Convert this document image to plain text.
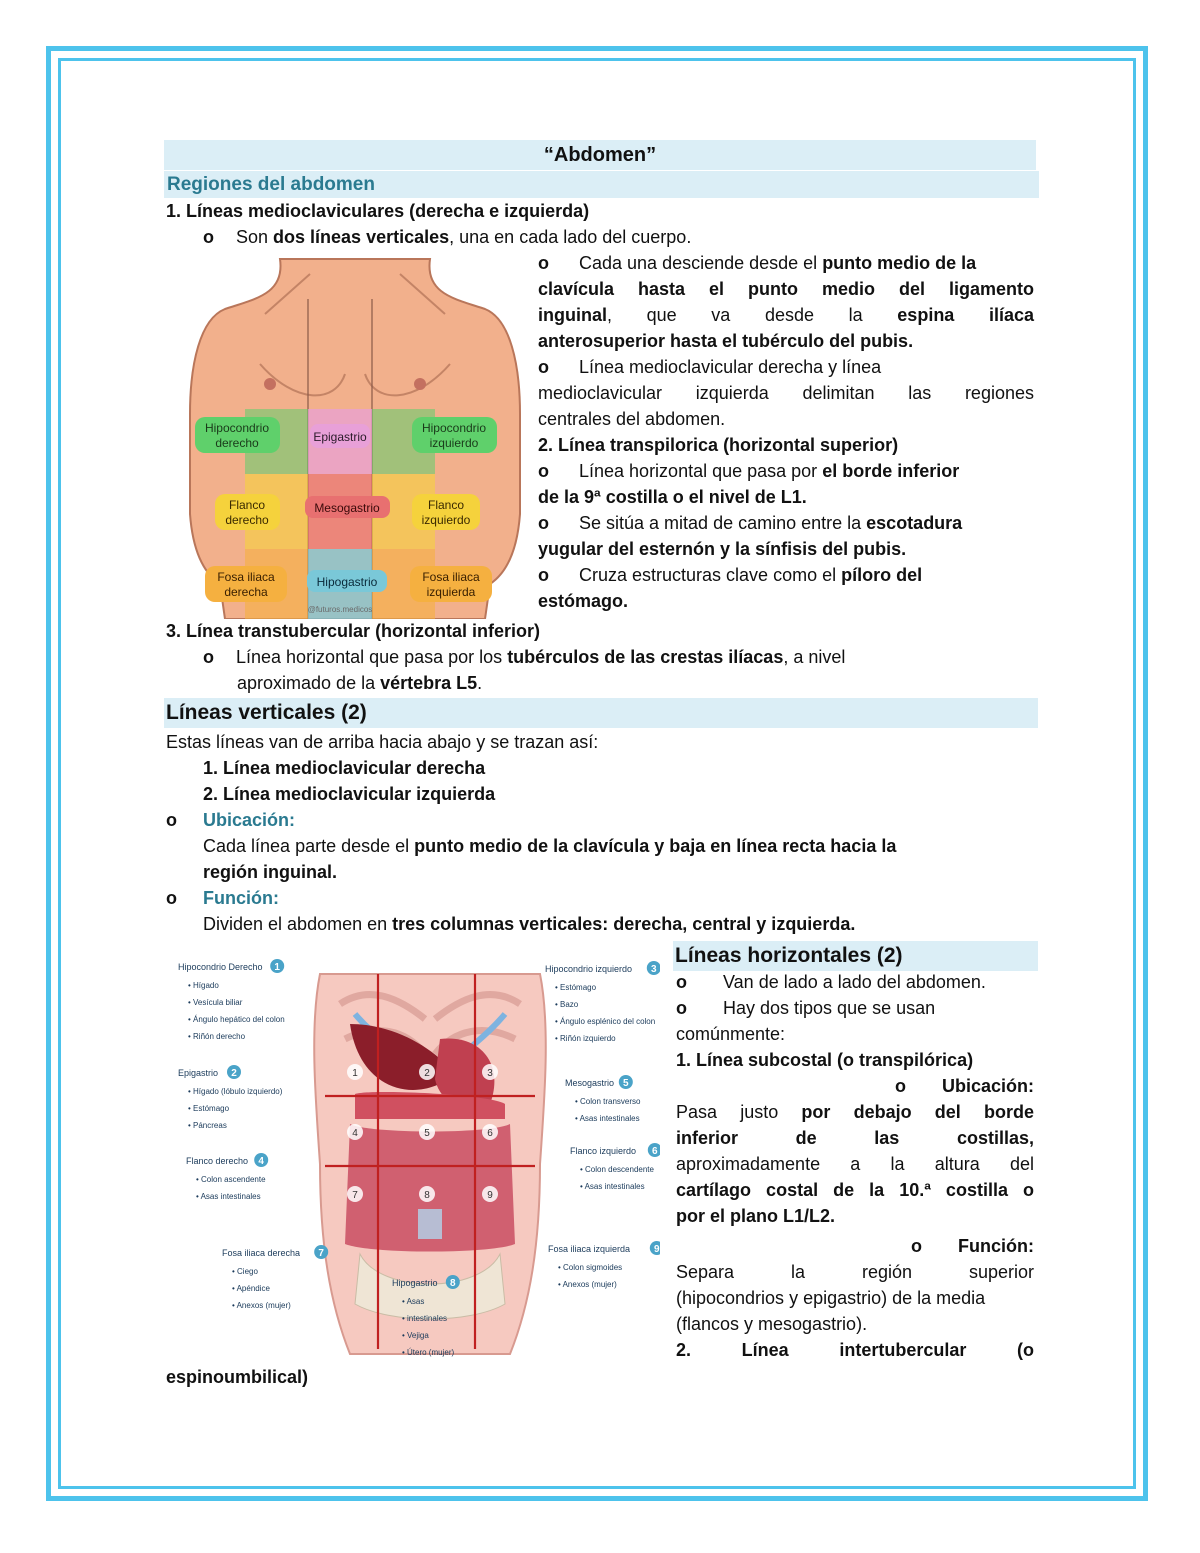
“Abdomen”
Regiones del abdomen
1. Líneas medioclaviculares (derecha e izquierda)
o Son dos líneas verticales, una en cada lado del cuerpo.
Hipocondrio
derecho	Epigastrio
Hipocondrio
izquierdo
Flanco
derecho
Mesogastrio	Flanco
izquierdo
Fosa iliaca
derecha
Hipogastrio	Fosa iliaca
izquierda
@futuros.medicos
o Cada una desciende desde el punto medio de la
clavícula hasta el punto medio del ligamento
inguinal, que va desde la espina ilíaca
anterosuperior hasta el tubérculo del pubis.
o Línea medioclavicular derecha y línea
medioclavicular izquierda delimitan las regiones
centrales del abdomen.
2. Línea transpilorica (horizontal superior)
o Línea horizontal que pasa por el borde inferior
de la 9ª costilla o el nivel de L1.
o Se sitúa a mitad de camino entre la escotadura
yugular del esternón y la sínfisis del pubis.
o Cruza estructuras clave como el píloro del
estómago.
3. Línea transtubercular (horizontal inferior)
o Línea horizontal que pasa por los tubérculos de las crestas ilíacas, a nivel
aproximado de la vértebra L5.
Líneas verticales (2)
Estas líneas van de arriba hacia abajo y se trazan así:
1. Línea medioclavicular derecha
2. Línea medioclavicular izquierda
o Ubicación:
Cada línea parte desde el punto medio de la clavícula y baja en línea recta hacia la
región inguinal.
o Función:
Dividen el abdomen en tres columnas verticales: derecha, central y izquierda.
1	2	3
4	5	6
7	8	9
Hipocondrio Derecho 1
• Hígado
• Vesícula biliar
• Ángulo hepático del colon
• Riñón derecho
Epigastrio 2
• Hígado (lóbulo izquierdo)
• Estómago
• Páncreas
Flanco derecho 4
• Colon ascendente
• Asas intestinales
Fosa iliaca derecha 7
• Ciego
• Apéndice
• Anexos (mujer)
Hipogastrio 8
• Asas
• intestinales
• Vejiga
• Útero (mujer)
Hipocondrio izquierdo 3
• Estómago
• Bazo
• Ángulo esplénico del colon
• Riñón izquierdo
Mesogastrio 5
• Colon transverso
• Asas intestinales
Flanco izquierdo 6
• Colon descendente
• Asas intestinales
Fosa iliaca izquierda 9
• Colon sigmoides
• Anexos (mujer)
Líneas horizontales (2)
o Van de lado a lado del abdomen.
o Hay dos tipos que se usan
comúnmente:
1. Línea subcostal (o transpilórica)
o Ubicación:
Pasa justo por debajo del borde
inferior de las costillas,
aproximadamente a la altura del
cartílago costal de la 10.ª costilla o
por el plano L1/L2.
o Función:
Separa la región superior
(hipocondrios y epigastrio) de la media
(flancos y mesogastrio).
2. Línea intertubercular (o
espinoumbilical)
